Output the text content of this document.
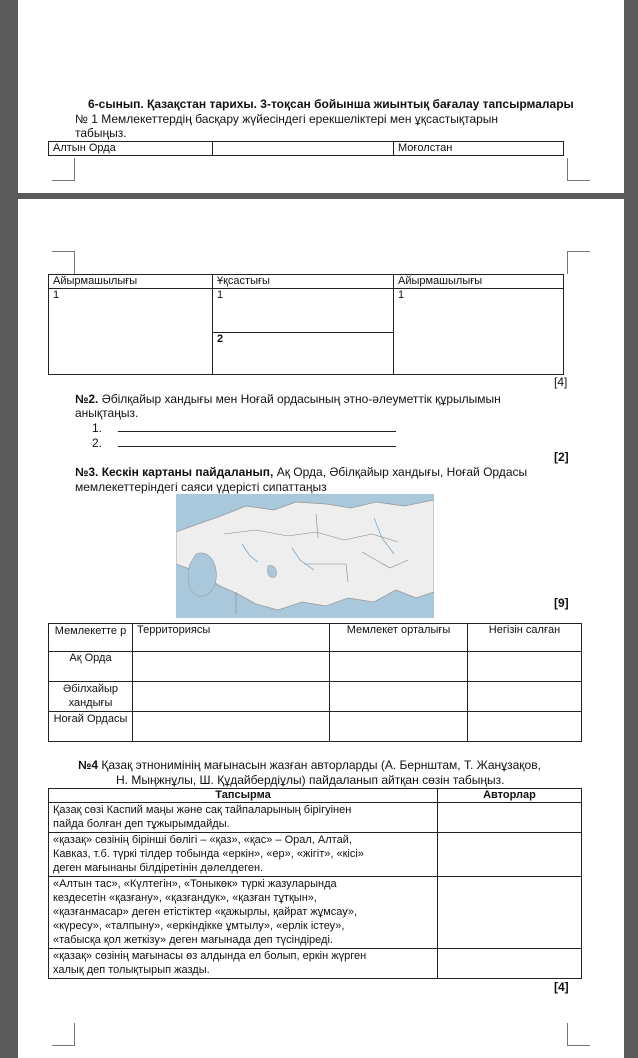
6-сынып. Қазақстан тарихы. 3-тоқсан бойынша жиынтық бағалау тапсырмалары
№ 1 Мемлекеттердің басқару жүйесіндегі ерекшеліктері мен ұқсастықтарын
табыңыз.
Алтын Орда		Моғолстан
Айырмашылығы	Ұқсастығы	Айырмашылығы
1	1	1
	2	
[4]
№2. Әбілқайыр хандығы мен Ноғай ордасының этно-әлеуметтік құрылымын
анықтаңыз.
1.
2.
[2]
№3. Кескін картаны пайдаланып, Ақ Орда, Әбілқайыр хандығы, Ноғай Ордасы
мемлекеттеріндегі саяси үдерісті сипаттаңыз
[9]
Мемлекетте р	Территориясы	Мемлекет орталығы	Негізін салған
Ақ Орда			
Әбілхайыр хандығы			
Ноғай Ордасы			
№4 Қазақ этнонимінің мағынасын жазған авторларды (А. Бернштам, Т. Жанұзақов,
Н. Мыңжнұлы, Ш. Құдайбердіұлы) пайдаланып айтқан сөзін табыңыз.
Тапсырма	Авторлар

Қазақ сөзі Каспий маңы және сақ тайпаларының бірігуінен
пайда болған деп тұжырымдайды.	

«қазақ» сөзінің бірінші бөлігі – «қаз», «қас» – Орал, Алтай,
Кавказ, т.б. түркі тілдер тобында «еркін», «ер», «жігіт», «кісі»
деген мағынаны білдіретінін дәлелдеген.	

«Алтын тас», «Күлтегін», «Тоныкөк» түркі жазуларында
кездесетін «қазғану», «қазғандук», «қазған тұтқын»,
«қазғанмасар» деген етістіктер «қажырлы, қайрат жұмсау»,
«күресу», «талпыну», «еркіндікке ұмтылу», «ерлік істеу»,
«табысқа қол жеткізу» деген мағынада деп түсіндіреді.	

«қазақ» сөзінің мағынасы өз алдында ел болып, еркін жүрген
халық деп толықтырып жазды.	

[4]
